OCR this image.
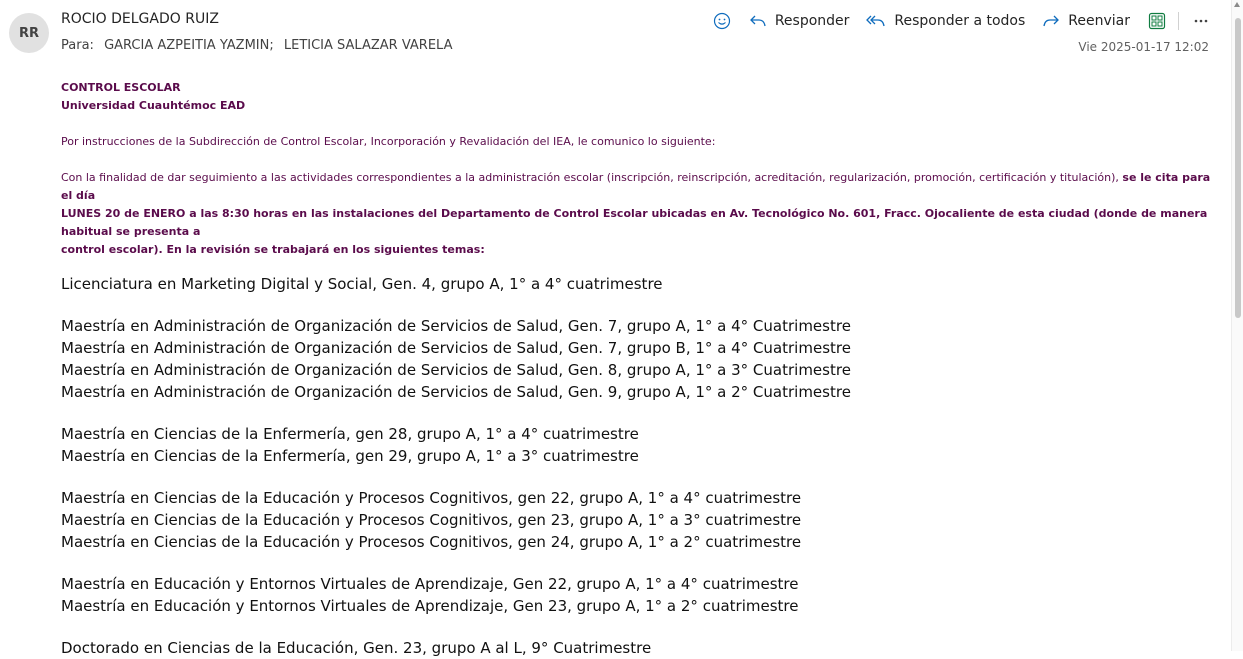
RR
ROCIO DELGADO RUIZ
Para: GARCIA AZPEITIA YAZMIN; LETICIA SALAZAR VARELA	Vie 2025-01-17 12:02
Responder	Responder a todos	Reenviar

CONTROL ESCOLAR

Universidad Cuauhtémoc EAD

Por instrucciones de la Subdirección de Control Escolar, Incorporación y Revalidación del IEA, le comunico lo siguiente:

Con la finalidad de dar seguimiento a las actividades correspondientes a la administración escolar (inscripción, reinscripción, acreditación, regularización, promoción, certificación y titulación), se le cita para el día
LUNES 20 de ENERO a las 8:30 horas en las instalaciones del Departamento de Control Escolar ubicadas en Av. Tecnológico No. 601, Fracc. Ojocaliente de esta ciudad (donde de manera habitual se presenta a
control escolar). En la revisión se trabajará en los siguientes temas:

Licenciatura en Marketing Digital y Social, Gen. 4, grupo A, 1° a 4° cuatrimestre

Maestría en Administración de Organización de Servicios de Salud, Gen. 7, grupo A, 1° a 4° Cuatrimestre

Maestría en Administración de Organización de Servicios de Salud, Gen. 7, grupo B, 1° a 4° Cuatrimestre

Maestría en Administración de Organización de Servicios de Salud, Gen. 8, grupo A, 1° a 3° Cuatrimestre

Maestría en Administración de Organización de Servicios de Salud, Gen. 9, grupo A, 1° a 2° Cuatrimestre

Maestría en Ciencias de la Enfermería, gen 28, grupo A, 1° a 4° cuatrimestre

Maestría en Ciencias de la Enfermería, gen 29, grupo A, 1° a 3° cuatrimestre

Maestría en Ciencias de la Educación y Procesos Cognitivos, gen 22, grupo A, 1° a 4° cuatrimestre

Maestría en Ciencias de la Educación y Procesos Cognitivos, gen 23, grupo A, 1° a 3° cuatrimestre

Maestría en Ciencias de la Educación y Procesos Cognitivos, gen 24, grupo A, 1° a 2° cuatrimestre

Maestría en Educación y Entornos Virtuales de Aprendizaje, Gen 22, grupo A, 1° a 4° cuatrimestre

Maestría en Educación y Entornos Virtuales de Aprendizaje, Gen 23, grupo A, 1° a 2° cuatrimestre

Doctorado en Ciencias de la Educación, Gen. 23, grupo A al L, 9° Cuatrimestre
